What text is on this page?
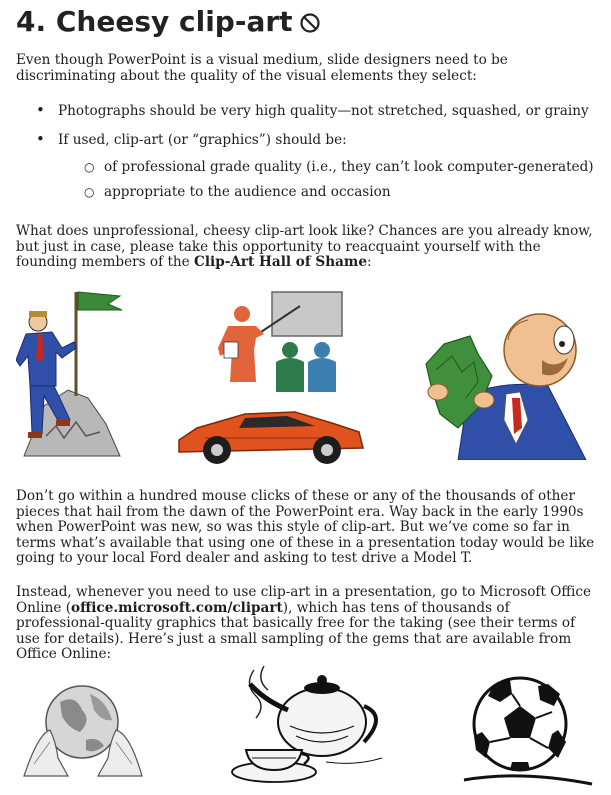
4. Cheesy clip-art

Even though PowerPoint is a visual medium, slide designers need to be discriminating about the quality of the visual elements they select:

• Photographs should be very high quality—not stretched, squashed, or grainy
• If used, clip-art (or “graphics”) should be:
○ of professional grade quality (i.e., they can’t look computer-generated)
○ appropriate to the audience and occasion

What does unprofessional, cheesy clip-art look like? Chances are you already know, but just in case, please take this opportunity to reacquaint yourself with the founding members of the Clip-Art Hall of Shame:

Don’t go within a hundred mouse clicks of these or any of the thousands of other pieces that hail from the dawn of the PowerPoint era. Way back in the early 1990s when PowerPoint was new, so was this style of clip-art. But we’ve come so far in terms what’s available that using one of these in a presentation today would be like going to your local Ford dealer and asking to test drive a Model T.

Instead, whenever you need to use clip-art in a presentation, go to Microsoft Office Online (office.microsoft.com/clipart), which has tens of thousands of professional-quality graphics that basically free for the taking (see their terms of use for details). Here’s just a small sampling of the gems that are available from Office Online:
